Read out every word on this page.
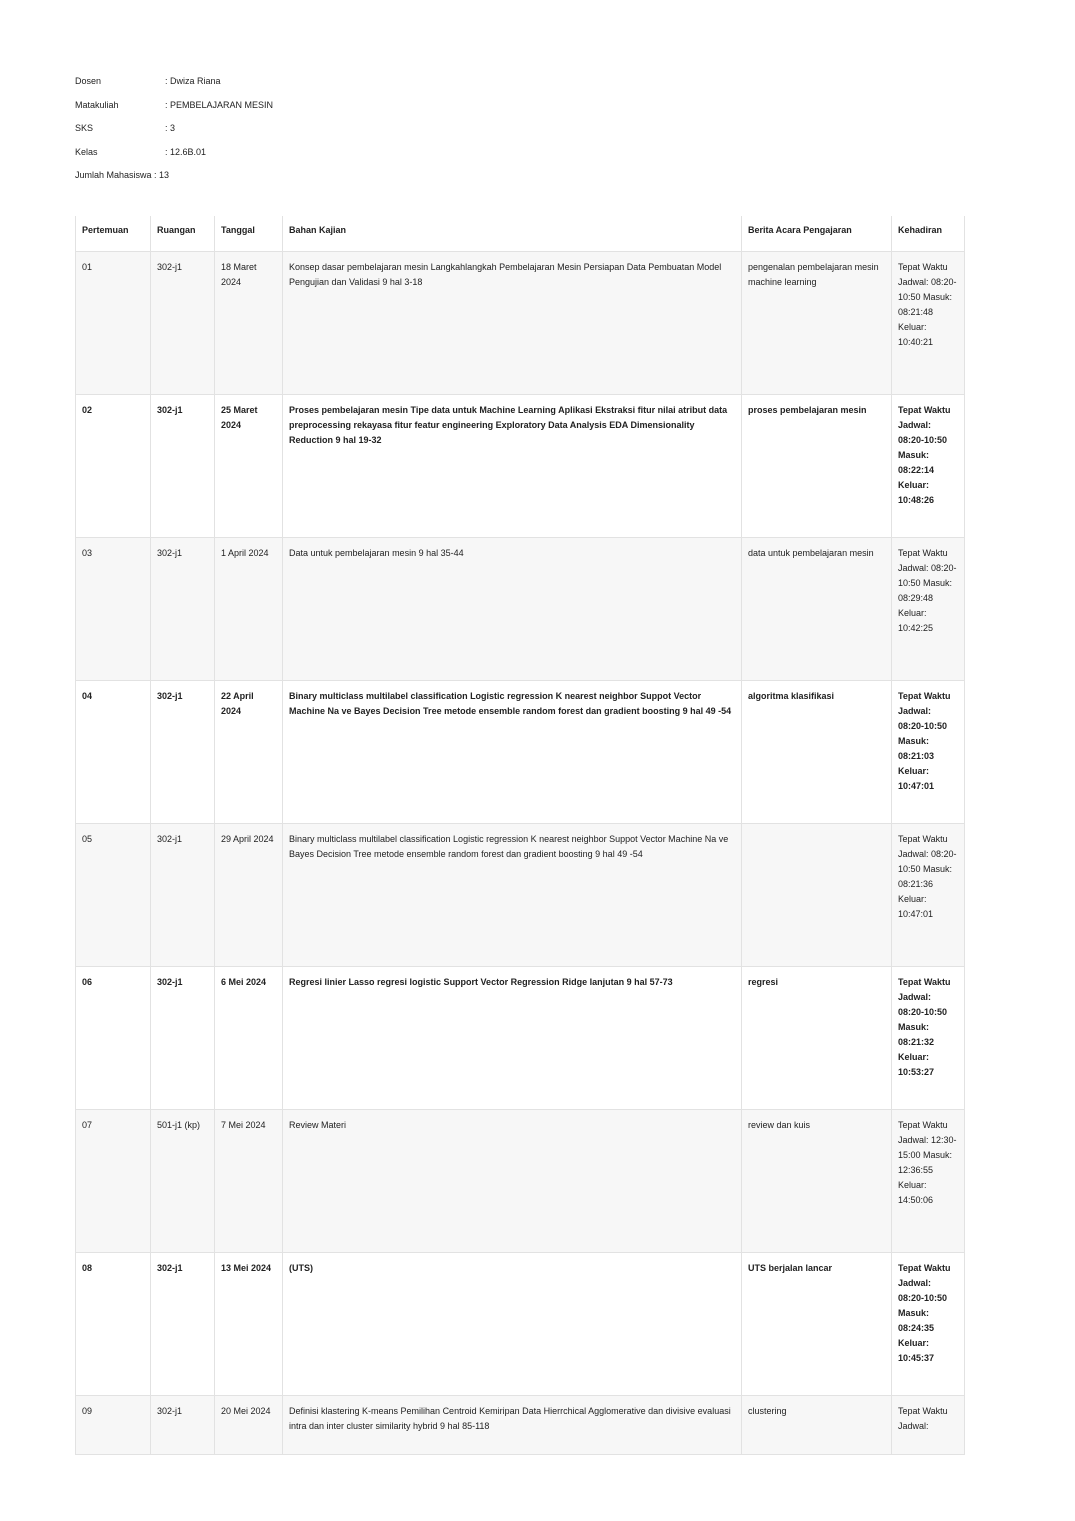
Dosen	: Dwiza Riana
Matakuliah	: PEMBELAJARAN MESIN
SKS	: 3
Kelas	: 12.6B.01
Jumlah Mahasiswa : 13
Pertemuan	Ruangan	Tanggal	Bahan Kajian	Berita Acara Pengajaran	Kehadiran
01	302-j1	18 Maret 2024	Konsep dasar pembelajaran mesin Langkahlangkah Pembelajaran Mesin Persiapan Data Pembuatan Model Pengujian dan Validasi 9 hal 3-18	pengenalan pembelajaran mesin machine learning	Tepat Waktu Jadwal: 08:20-10:50 Masuk: 08:21:48 Keluar: 10:40:21
02	302-j1	25 Maret 2024	Proses pembelajaran mesin Tipe data untuk Machine Learning Aplikasi Ekstraksi fitur nilai atribut data preprocessing rekayasa fitur featur engineering Exploratory Data Analysis EDA Dimensionality Reduction 9 hal 19-32	proses pembelajaran mesin	Tepat Waktu Jadwal: 08:20-10:50 Masuk: 08:22:14 Keluar: 10:48:26
03	302-j1	1 April 2024	Data untuk pembelajaran mesin 9 hal 35-44	data untuk pembelajaran mesin	Tepat Waktu Jadwal: 08:20-10:50 Masuk: 08:29:48 Keluar: 10:42:25
04	302-j1	22 April 2024	Binary multiclass multilabel classification Logistic regression K nearest neighbor Suppot Vector Machine Na ve Bayes Decision Tree metode ensemble random forest dan gradient boosting 9 hal 49 -54	algoritma klasifikasi	Tepat Waktu Jadwal: 08:20-10:50 Masuk: 08:21:03 Keluar: 10:47:01
05	302-j1	29 April 2024	Binary multiclass multilabel classification Logistic regression K nearest neighbor Suppot Vector Machine Na ve Bayes Decision Tree metode ensemble random forest dan gradient boosting 9 hal 49 -54		Tepat Waktu Jadwal: 08:20-10:50 Masuk: 08:21:36 Keluar: 10:47:01
06	302-j1	6 Mei 2024	Regresi linier Lasso regresi logistic Support Vector Regression Ridge lanjutan 9 hal 57-73	regresi	Tepat Waktu Jadwal: 08:20-10:50 Masuk: 08:21:32 Keluar: 10:53:27
07	501-j1 (kp)	7 Mei 2024	Review Materi	review dan kuis	Tepat Waktu Jadwal: 12:30-15:00 Masuk: 12:36:55 Keluar: 14:50:06
08	302-j1	13 Mei 2024	(UTS)	UTS berjalan lancar	Tepat Waktu Jadwal: 08:20-10:50 Masuk: 08:24:35 Keluar: 10:45:37
09	302-j1	20 Mei 2024	Definisi klastering K-means Pemilihan Centroid Kemiripan Data Hierrchical Agglomerative dan divisive evaluasi intra dan inter cluster similarity hybrid 9 hal 85-118	clustering	Tepat Waktu Jadwal:
